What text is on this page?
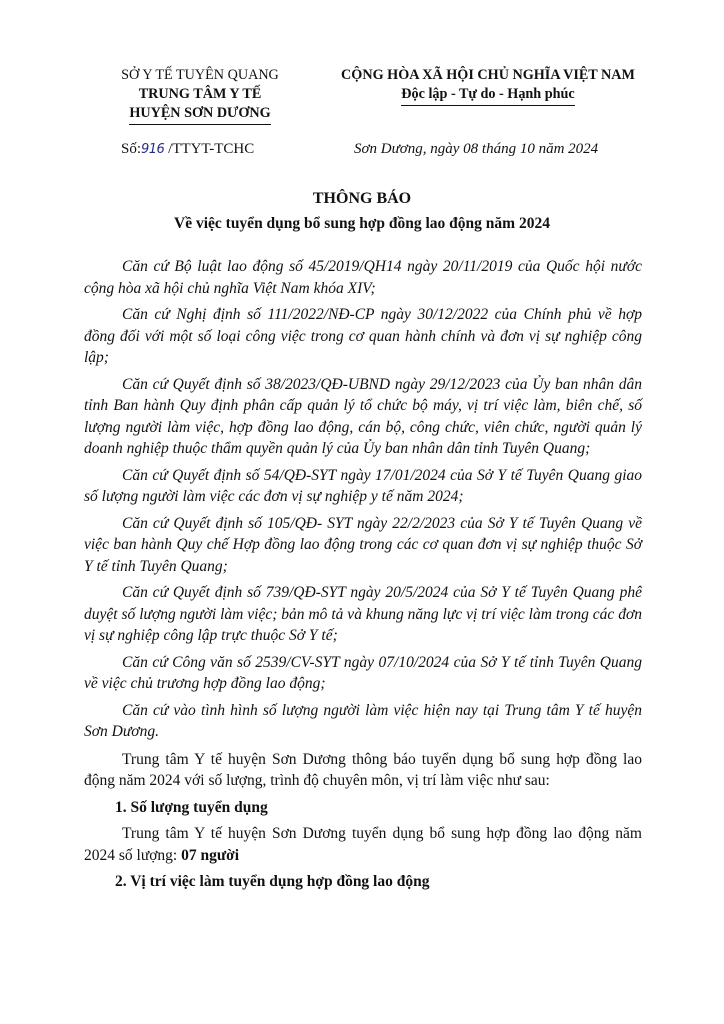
SỞ Y TẾ TUYÊN QUANG
TRUNG TÂM Y TẾ
HUYỆN SƠN DƯƠNG
CỘNG HÒA XÃ HỘI CHỦ NGHĨA VIỆT NAM
Độc lập - Tự do - Hạnh phúc
Số:916 /TTYT-TCHC	Sơn Dương, ngày 08 tháng 10 năm 2024
THÔNG BÁO
Về việc tuyển dụng bổ sung hợp đồng lao động năm 2024

Căn cứ Bộ luật lao động số 45/2019/QH14 ngày 20/11/2019 của Quốc hội nước cộng hòa xã hội chủ nghĩa Việt Nam khóa XIV;

Căn cứ Nghị định số 111/2022/NĐ-CP ngày 30/12/2022 của Chính phủ về hợp đồng đối với một số loại công việc trong cơ quan hành chính và đơn vị sự nghiệp công lập;

Căn cứ Quyết định số 38/2023/QĐ-UBND ngày 29/12/2023 của Ủy ban nhân dân tỉnh Ban hành Quy định phân cấp quản lý tổ chức bộ máy, vị trí việc làm, biên chế, số lượng người làm việc, hợp đồng lao động, cán bộ, công chức, viên chức, người quản lý doanh nghiệp thuộc thẩm quyền quản lý của Ủy ban nhân dân tỉnh Tuyên Quang;

Căn cứ Quyết định số 54/QĐ-SYT ngày 17/01/2024 của Sở Y tế Tuyên Quang giao số lượng người làm việc các đơn vị sự nghiệp y tế năm 2024;

Căn cứ Quyết định số 105/QĐ- SYT ngày 22/2/2023 của Sở Y tế Tuyên Quang về việc ban hành Quy chế Hợp đồng lao động trong các cơ quan đơn vị sự nghiệp thuộc Sở Y tế tỉnh Tuyên Quang;

Căn cứ Quyết định số 739/QĐ-SYT ngày 20/5/2024 của Sở Y tế Tuyên Quang phê duyệt số lượng người làm việc; bản mô tả và khung năng lực vị trí việc làm trong các đơn vị sự nghiệp công lập trực thuộc Sở Y tế;

Căn cứ Công văn số 2539/CV-SYT ngày 07/10/2024 của Sở Y tế tỉnh Tuyên Quang về việc chủ trương hợp đồng lao động;

Căn cứ vào tình hình số lượng người làm việc hiện nay tại Trung tâm Y tế huyện Sơn Dương.

Trung tâm Y tế huyện Sơn Dương thông báo tuyển dụng bổ sung hợp đồng lao động năm 2024 với số lượng, trình độ chuyên môn, vị trí làm việc như sau:

1. Số lượng tuyển dụng

Trung tâm Y tế huyện Sơn Dương tuyển dụng bổ sung hợp đồng lao động năm 2024 số lượng: 07 người

2. Vị trí việc làm tuyển dụng hợp đồng lao động
